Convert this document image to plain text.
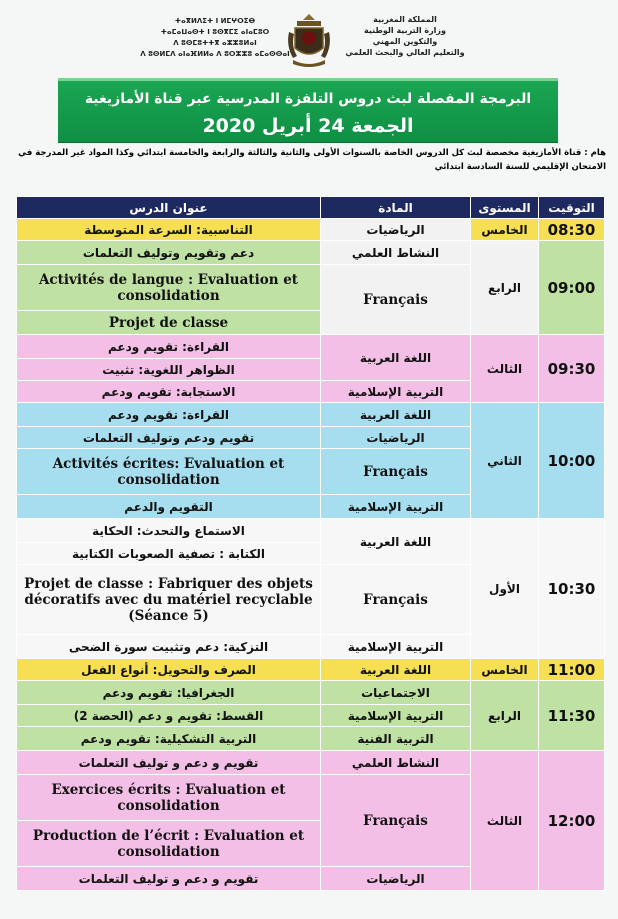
ⵜⴰⴳⵍⴷⵉⵜ ⵏ ⵍⵎⵖⵔⵉⴱ
ⵜⴰⵎⴰⵡⴰⵙⵜ ⵏ ⵓⵙⴳⵎⵉ ⴰⵏⴰⵎⵓⵔ
ⴷ ⵓⵙⵎⵓⵜⵜⴳ ⴰⵣⵣⵓⵍⴰⵏ
ⴷ ⵓⵙⵍⵎⴷ ⴰⵏⴰⴼⵍⵍⴰ ⴷ ⵓⵔⵣⵣⵓ ⴰⵎⴰⵙⵙⴰⵏ
المملكة المغربية
وزارة التربية الوطنية
والتكوين المهني
والتعليم العالي والبحث العلمي
البرمجة المفصلة لبث دروس التلفزة المدرسية عبر قناة الأمازيغية
الجمعة 24 أبريل 2020
هام : قناة الأمازيغية مخصصة لبث كل الدروس الخاصة بالسنوات الأولى والثانية والثالثة والرابعة والخامسة ابتدائي وكذا المواد غير المدرجة في الامتحان الإقليمي للسنة السادسة ابتدائي
عنوان الدرس	المادة	المستوى	التوقيت
التناسبية: السرعة المتوسطة	الرياضيات	الخامس	08:30
دعم وتقويم وتوليف التعلمات	النشاط العلمي	الرابع	09:00
Activités de langue : Evaluation et consolidation	Français		
Projet de classe			
القراءة: تقويم ودعم	اللغة العربية	الثالث	09:30
الظواهر اللغوية: تثبيت			
الاستجابة: تقويم ودعم	التربية الإسلامية		
القراءة: تقويم ودعم	اللغة العربية	الثاني	10:00
تقويم ودعم وتوليف التعلمات	الرياضيات		
Activités écrites: Evaluation et consolidation	Français		
التقويم والدعم	التربية الإسلامية		
الاستماع والتحدث: الحكاية	اللغة العربية	الأول	10:30
الكتابة : تصفية الصعوبات الكتابية			
Projet de classe : Fabriquer des objets décoratifs avec du matériel recyclable (Séance 5)	Français		
التزكية: دعم وتثبيت سورة الضحى	التربية الإسلامية		
الصرف والتحويل: أنواع الفعل	اللغة العربية	الخامس	11:00
الجغرافيا: تقويم ودعم	الاجتماعيات	الرابع	11:30
القسط: تقويم و دعم (الحصة 2)	التربية الإسلامية		
التربية التشكيلية: تقويم ودعم	التربية الفنية		
تقويم و دعم و توليف التعلمات	النشاط العلمي	الثالث	12:00
Exercices écrits : Evaluation et consolidation	Français		
Production de l’écrit : Evaluation et consolidation			
تقويم و دعم و توليف التعلمات	الرياضيات		
